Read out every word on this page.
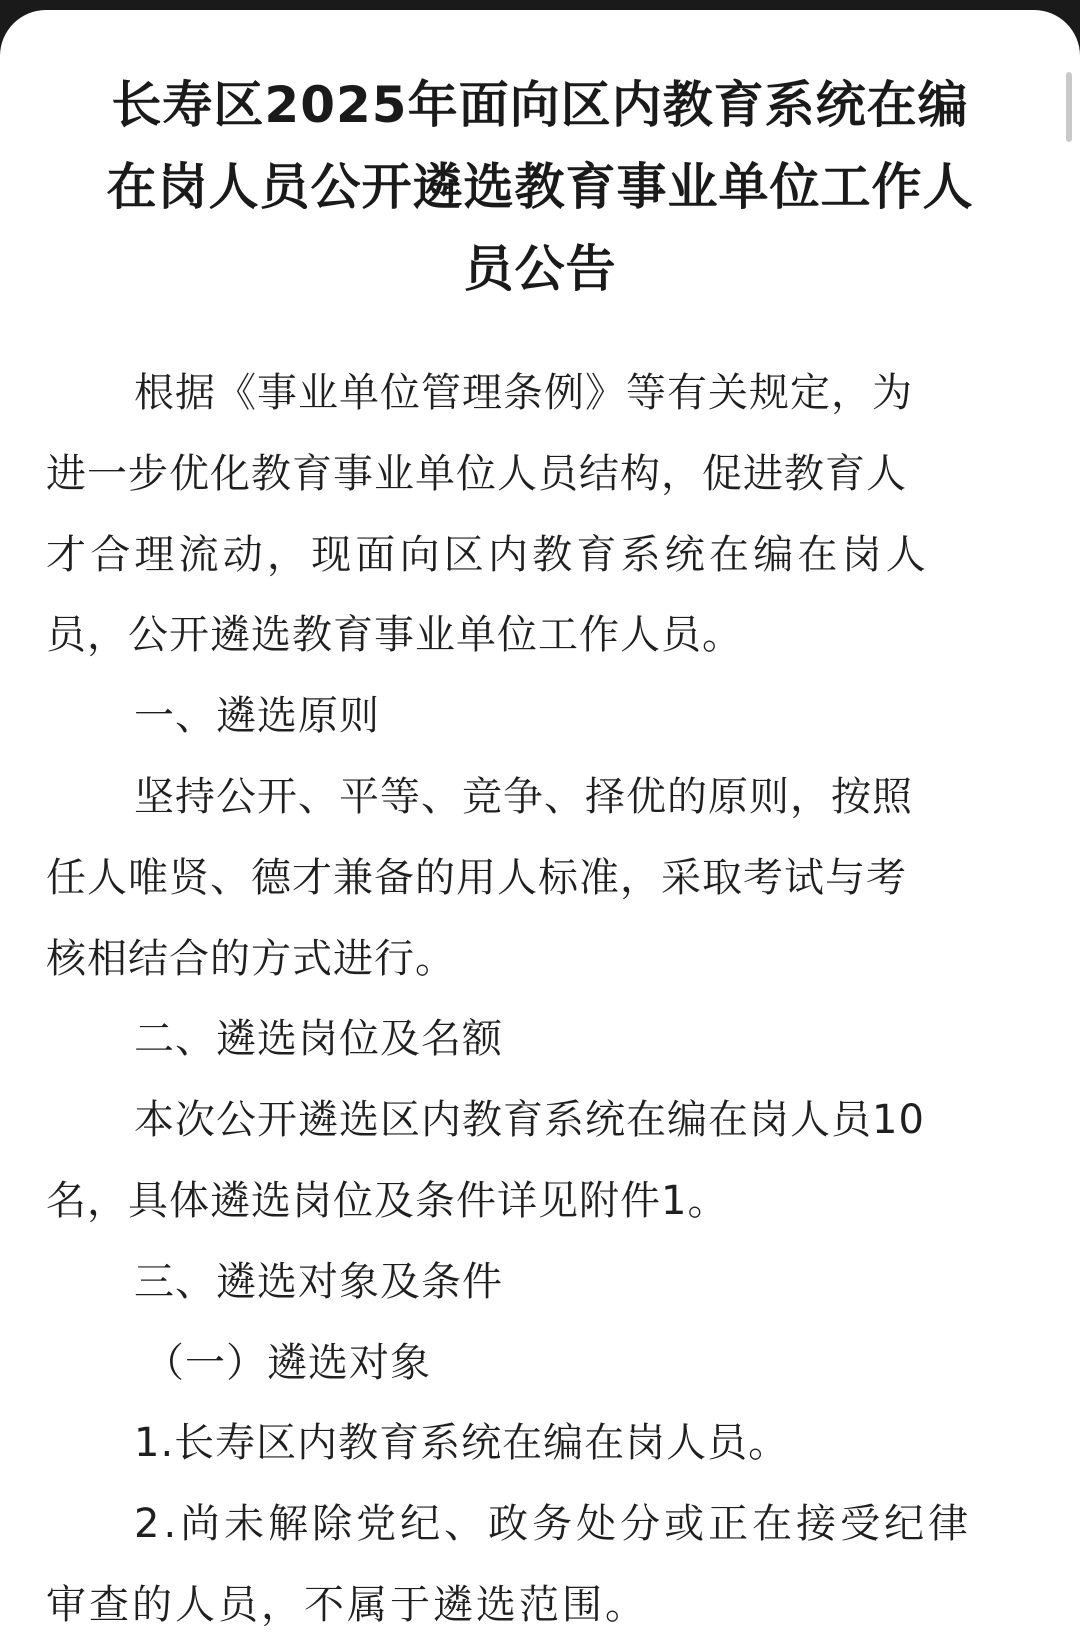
长寿区2025年面向区内教育系统在编
在岗人员公开遴选教育事业单位工作人
员公告
根据《事业单位管理条例》等有关规定，为
进一步优化教育事业单位人员结构，促进教育人
才合理流动，现面向区内教育系统在编在岗人
员，公开遴选教育事业单位工作人员。
一、遴选原则
坚持公开、平等、竞争、择优的原则，按照
任人唯贤、德才兼备的用人标准，采取考试与考
核相结合的方式进行。
二、遴选岗位及名额
本次公开遴选区内教育系统在编在岗人员10
名，具体遴选岗位及条件详见附件1。
三、遴选对象及条件
（一）遴选对象
1.长寿区内教育系统在编在岗人员。
2.尚未解除党纪、政务处分或正在接受纪律
审查的人员，不属于遴选范围。
